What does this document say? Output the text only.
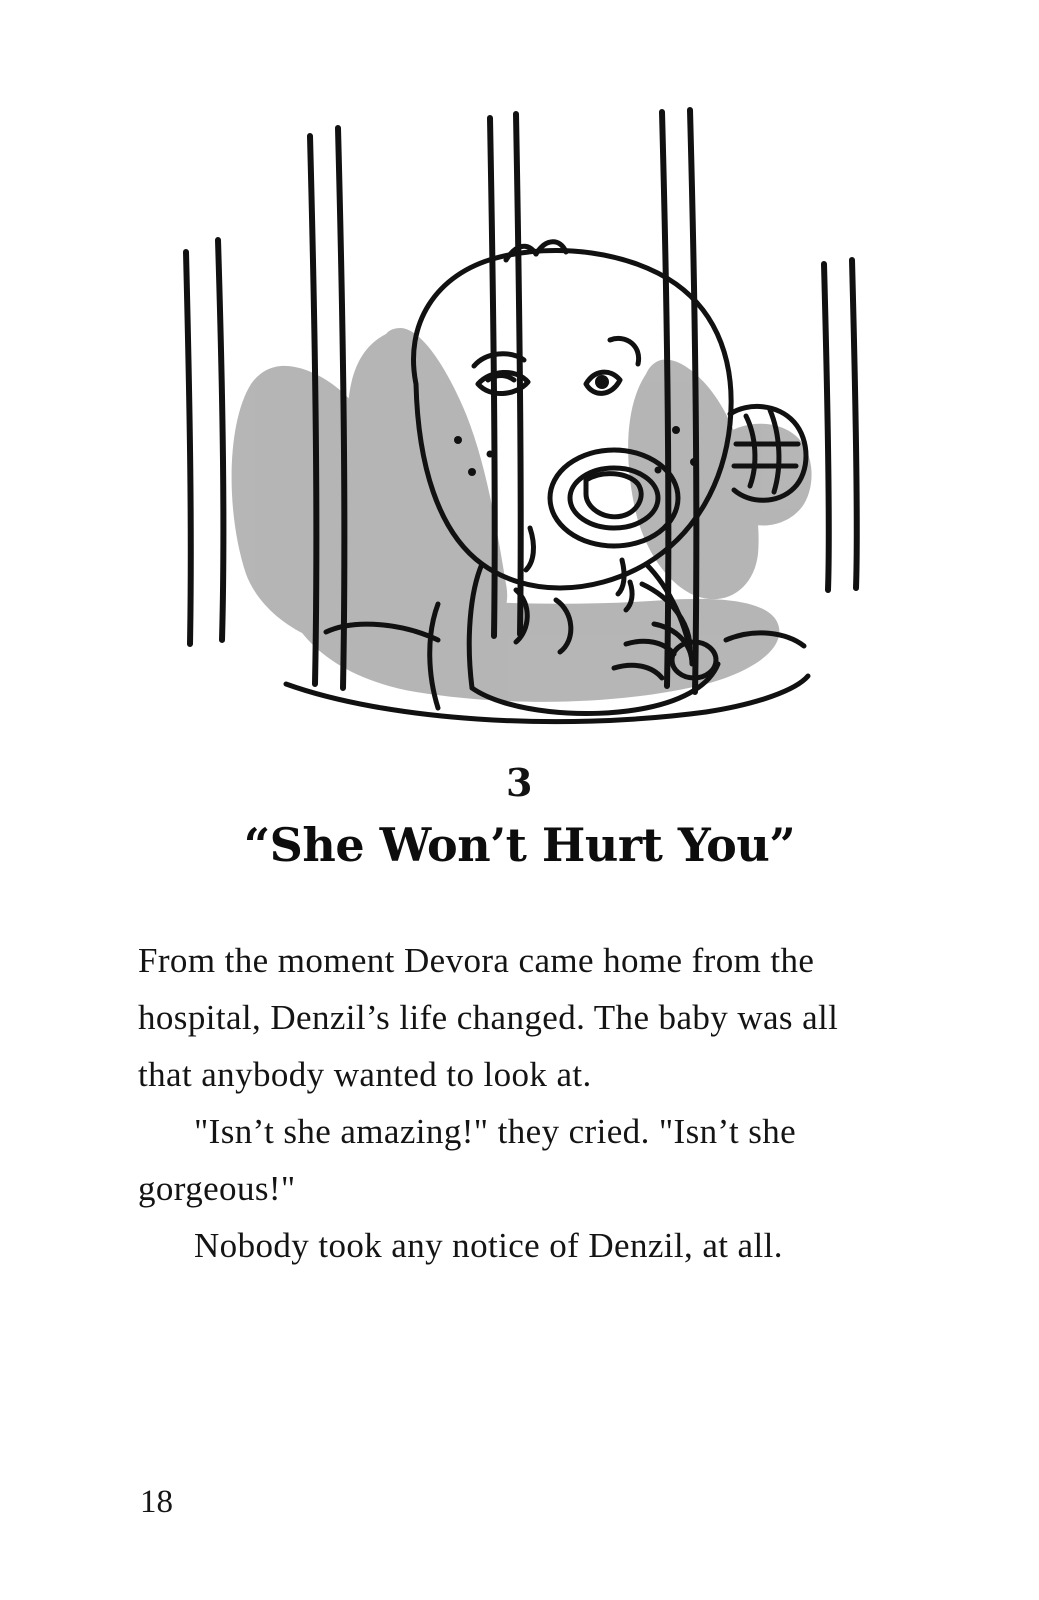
3
“She Won’t Hurt You”

From the moment Devora came home from the hospital, Denzil’s life changed. The baby was all that anybody wanted to look at.

"Isn’t she amazing!" they cried. "Isn’t she gorgeous!"

Nobody took any notice of Denzil, at all.

18
